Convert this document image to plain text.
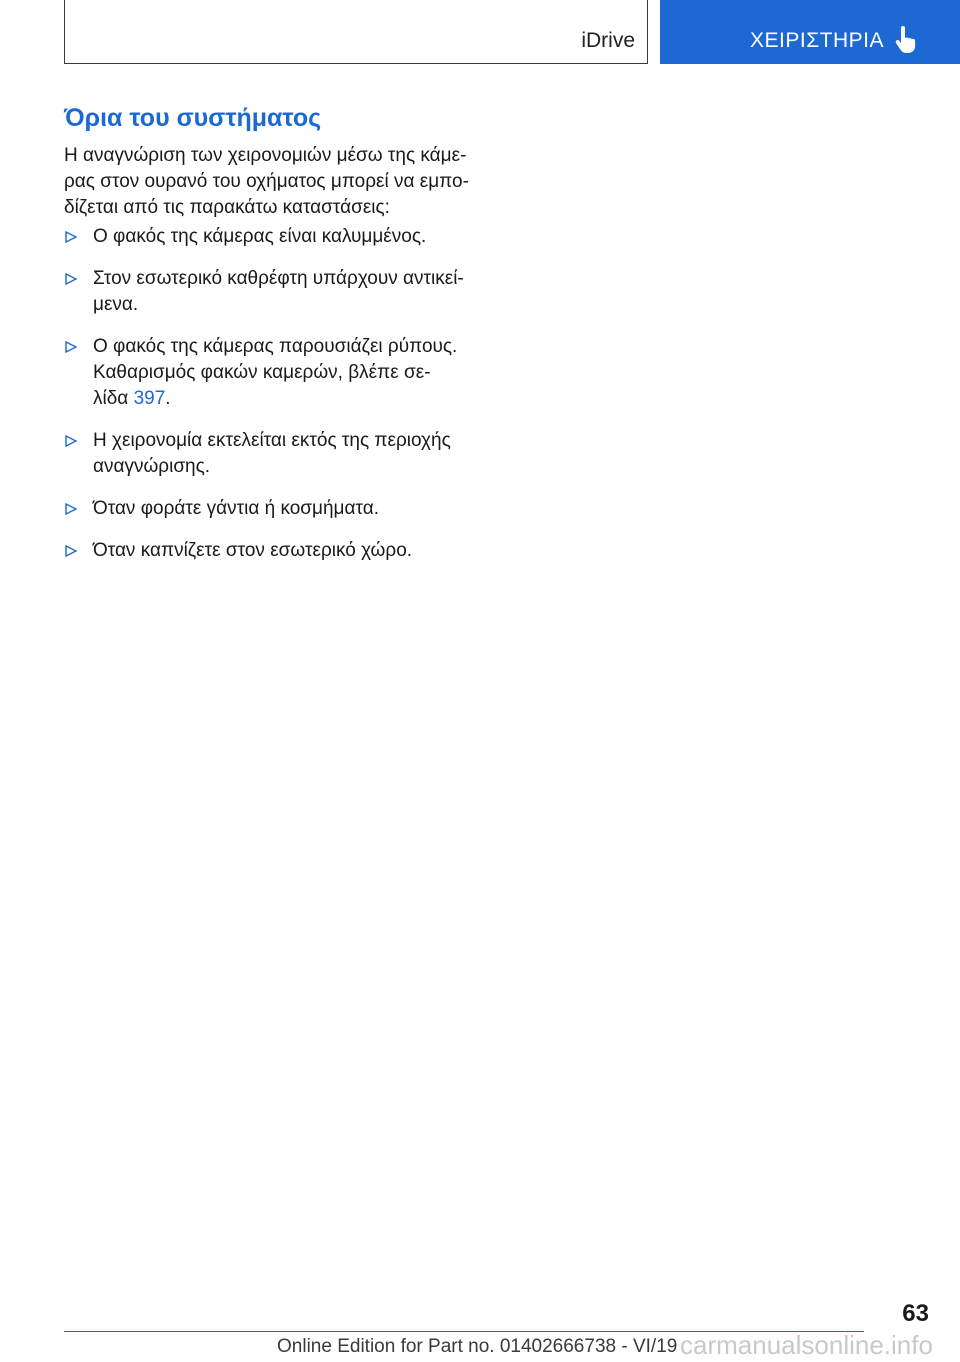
iDrive	ΧΕΙΡΙΣΤΗΡΙΑ
Όρια του συστήματος

Η αναγνώριση των χειρονομιών μέσω της κάμε-
ρας στον ουρανό του οχήματος μπορεί να εμπο-
δίζεται από τις παρακάτω καταστάσεις:

Ο φακός της κάμερας είναι καλυμμένος.
Στον εσωτερικό καθρέφτη υπάρχουν αντικεί-
μενα.
Ο φακός της κάμερας παρουσιάζει ρύπους.
Καθαρισμός φακών καμερών, βλέπε σε-
λίδα 397.
Η χειρονομία εκτελείται εκτός της περιοχής
αναγνώρισης.
Όταν φοράτε γάντια ή κοσμήματα.
Όταν καπνίζετε στον εσωτερικό χώρο.
63
Online Edition for Part no. 01402666738 - VI/19 carmanualsonline.info
